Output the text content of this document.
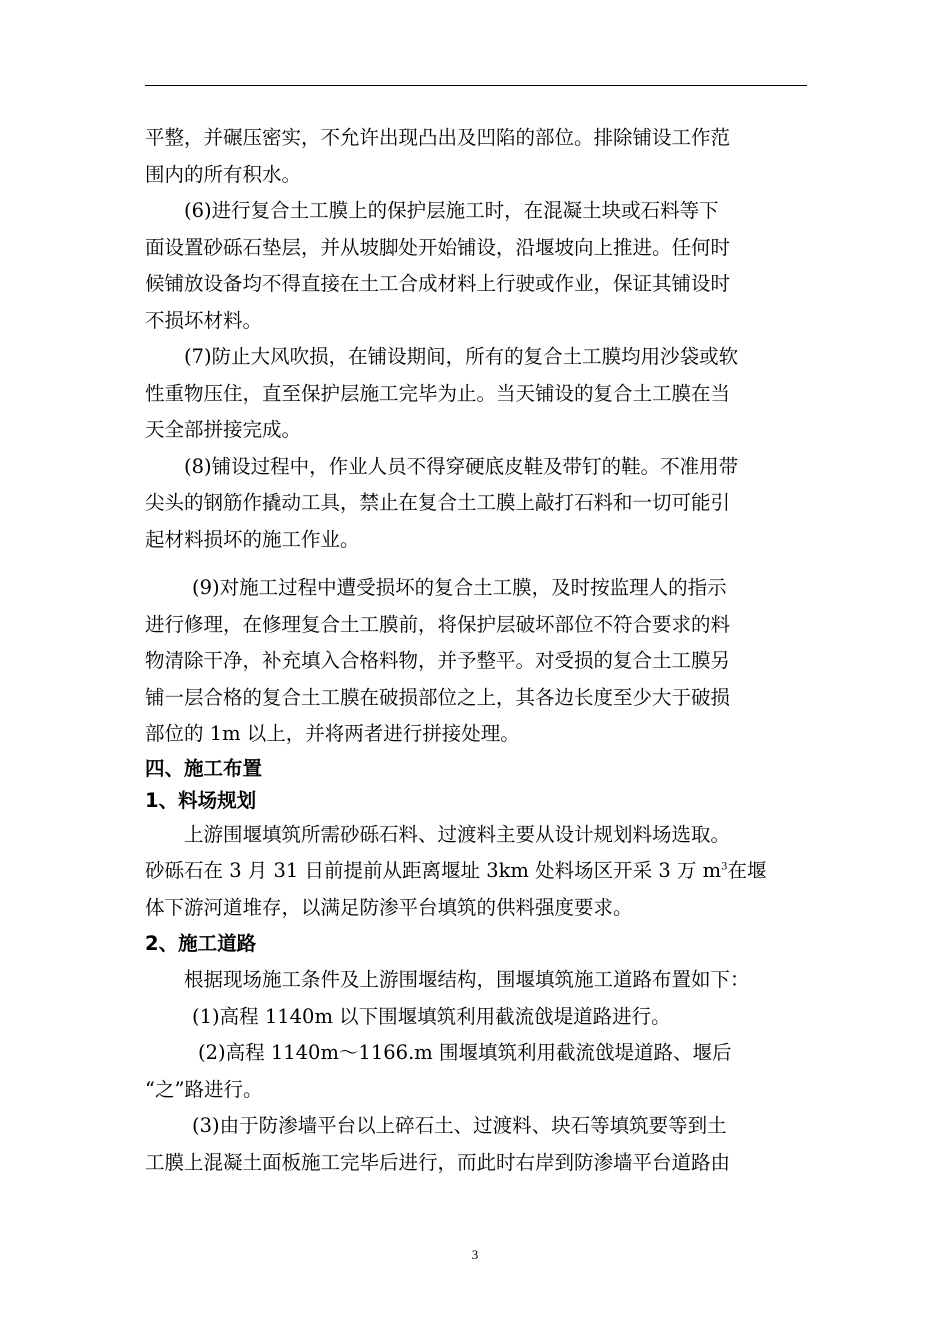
平整，并碾压密实，不允许出现凸出及凹陷的部位。排除铺设工作范
围内的所有积水。
(6)进行复合土工膜上的保护层施工时，在混凝土块或石料等下
面设置砂砾石垫层，并从坡脚处开始铺设，沿堰坡向上推进。任何时
候铺放设备均不得直接在土工合成材料上行驶或作业，保证其铺设时
不损坏材料。
(7)防止大风吹损，在铺设期间，所有的复合土工膜均用沙袋或软
性重物压住，直至保护层施工完毕为止。当天铺设的复合土工膜在当
天全部拼接完成。
(8)铺设过程中，作业人员不得穿硬底皮鞋及带钉的鞋。不准用带
尖头的钢筋作撬动工具，禁止在复合土工膜上敲打石料和一切可能引
起材料损坏的施工作业。
(9)对施工过程中遭受损坏的复合土工膜，及时按监理人的指示
进行修理，在修理复合土工膜前，将保护层破坏部位不符合要求的料
物清除干净，补充填入合格料物，并予整平。对受损的复合土工膜另
铺一层合格的复合土工膜在破损部位之上，其各边长度至少大于破损
部位的 1m 以上，并将两者进行拼接处理。
四、施工布置
1、料场规划
上游围堰填筑所需砂砾石料、过渡料主要从设计规划料场选取。
砂砾石在 3 月 31 日前提前从距离堰址 3km 处料场区开采 3 万 $m^3$在堰
体下游河道堆存，以满足防渗平台填筑的供料强度要求。
2、施工道路
根据现场施工条件及上游围堰结构，围堰填筑施工道路布置如下：
(1)高程 1140m 以下围堰填筑利用截流戗堤道路进行。
(2)高程 1140m～1166.m 围堰填筑利用截流戗堤道路、堰后
“之”路进行。
(3)由于防渗墙平台以上碎石土、过渡料、块石等填筑要等到土
工膜上混凝土面板施工完毕后进行，而此时右岸到防渗墙平台道路由
3
